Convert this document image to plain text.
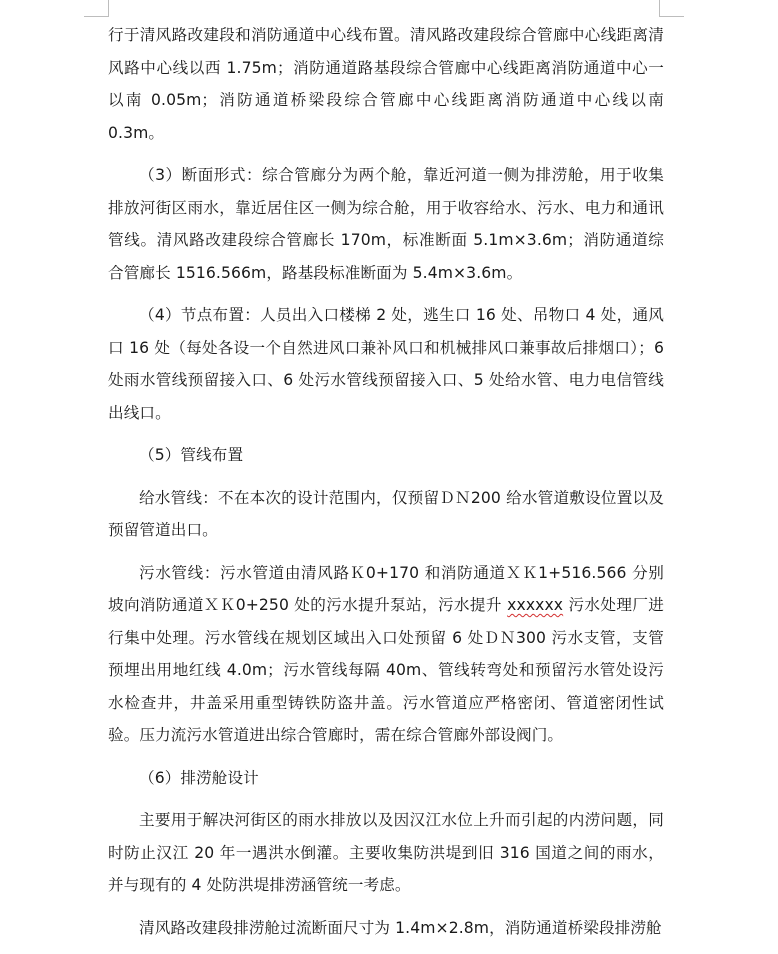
行于清风路改建段和消防通道中心线布置。清风路改建段综合管廊中心线距离清风路中心线以西 1.75m；消防通道路基段综合管廊中心线距离消防通道中心一以南 0.05m；消防通道桥梁段综合管廊中心线距离消防通道中心线以南 0.3m。

（3）断面形式：综合管廊分为两个舱，靠近河道一侧为排涝舱，用于收集排放河街区雨水，靠近居住区一侧为综合舱，用于收容给水、污水、电力和通讯管线。清风路改建段综合管廊长 170m，标准断面 5.1m×3.6m；消防通道综合管廊长 1516.566m，路基段标准断面为 5.4m×3.6m。

（4）节点布置：人员出入口楼梯 2 处，逃生口 16 处、吊物口 4 处，通风口 16 处（每处各设一个自然进风口兼补风口和机械排风口兼事故后排烟口）；6 处雨水管线预留接入口、6 处污水管线预留接入口、5 处给水管、电力电信管线出线口。

（5）管线布置

给水管线：不在本次的设计范围内，仅预留ＤＮ200 给水管道敷设位置以及预留管道出口。

污水管线：污水管道由清风路Ｋ0+170 和消防通道ＸＫ1+516.566 分别坡向消防通道ＸＫ0+250 处的污水提升泵站，污水提升 xxxxxx 污水处理厂进行集中处理。污水管线在规划区域出入口处预留 6 处ＤＮ300 污水支管，支管预埋出用地红线 4.0m；污水管线每隔 40m、管线转弯处和预留污水管处设污水检查井，井盖采用重型铸铁防盗井盖。污水管道应严格密闭、管道密闭性试验。压力流污水管道进出综合管廊时，需在综合管廊外部设阀门。

（6）排涝舱设计

主要用于解决河街区的雨水排放以及因汉江水位上升而引起的内涝问题，同时防止汉江 20 年一遇洪水倒灌。主要收集防洪堤到旧 316 国道之间的雨水，并与现有的 4 处防洪堤排涝涵管统一考虑。

清风路改建段排涝舱过流断面尺寸为 1.4m×2.8m，消防通道桥梁段排涝舱
